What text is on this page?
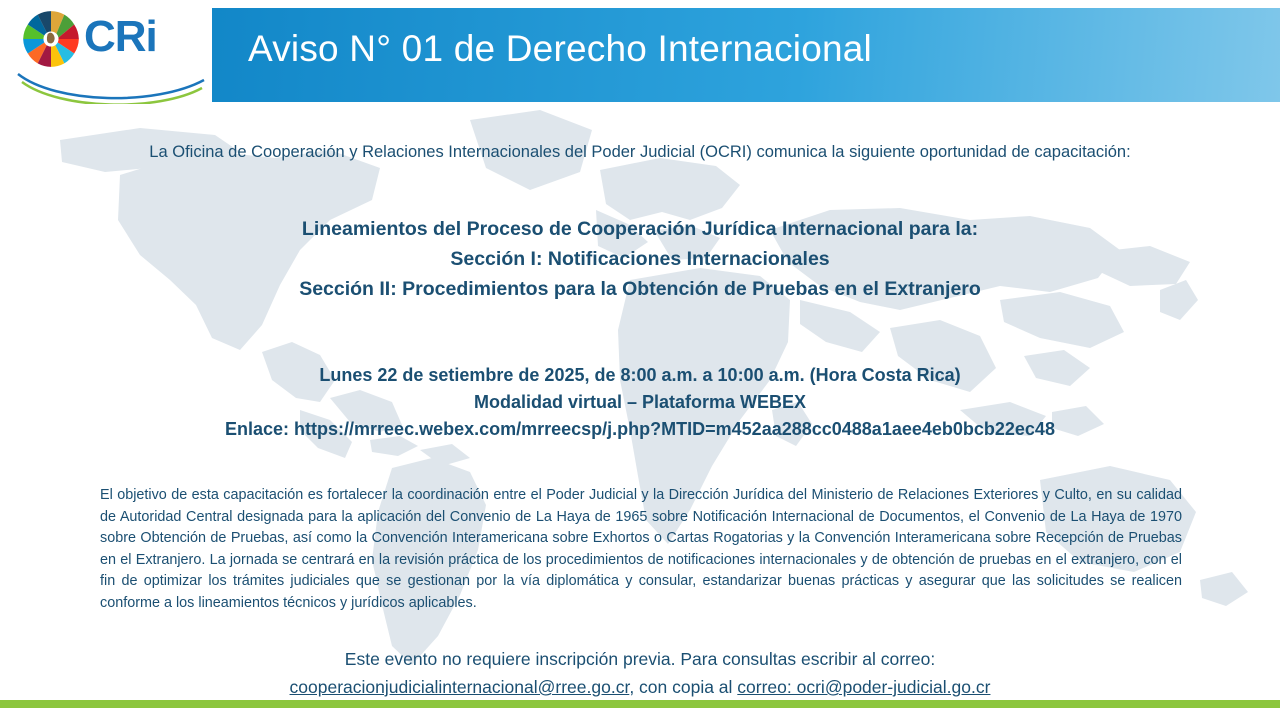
Aviso N° 01 de Derecho Internacional
CRi
La Oficina de Cooperación y Relaciones Internacionales del Poder Judicial (OCRI) comunica la siguiente oportunidad de capacitación:
Lineamientos del Proceso de Cooperación Jurídica Internacional para la:
Sección I: Notificaciones Internacionales
Sección II: Procedimientos para la Obtención de Pruebas en el Extranjero
Lunes 22 de setiembre de 2025, de 8:00 a.m. a 10:00 a.m. (Hora Costa Rica)
Modalidad virtual – Plataforma WEBEX
Enlace: https://mrreec.webex.com/mrreecsp/j.php?MTID=m452aa288cc0488a1aee4eb0bcb22ec48
El objetivo de esta capacitación es fortalecer la coordinación entre el Poder Judicial y la Dirección Jurídica del Ministerio de Relaciones Exteriores y Culto, en su calidad de Autoridad Central designada para la aplicación del Convenio de La Haya de 1965 sobre Notificación Internacional de Documentos, el Convenio de La Haya de 1970 sobre Obtención de Pruebas, así como la Convención Interamericana sobre Exhortos o Cartas Rogatorias y la Convención Interamericana sobre Recepción de Pruebas en el Extranjero. La jornada se centrará en la revisión práctica de los procedimientos de notificaciones internacionales y de obtención de pruebas en el extranjero, con el fin de optimizar los trámites judiciales que se gestionan por la vía diplomática y consular, estandarizar buenas prácticas y asegurar que las solicitudes se realicen conforme a los lineamientos técnicos y jurídicos aplicables.
Este evento no requiere inscripción previa. Para consultas escribir al correo:
cooperacionjudicialinternacional@rree.go.cr, con copia al correo: ocri@poder-judicial.go.cr
